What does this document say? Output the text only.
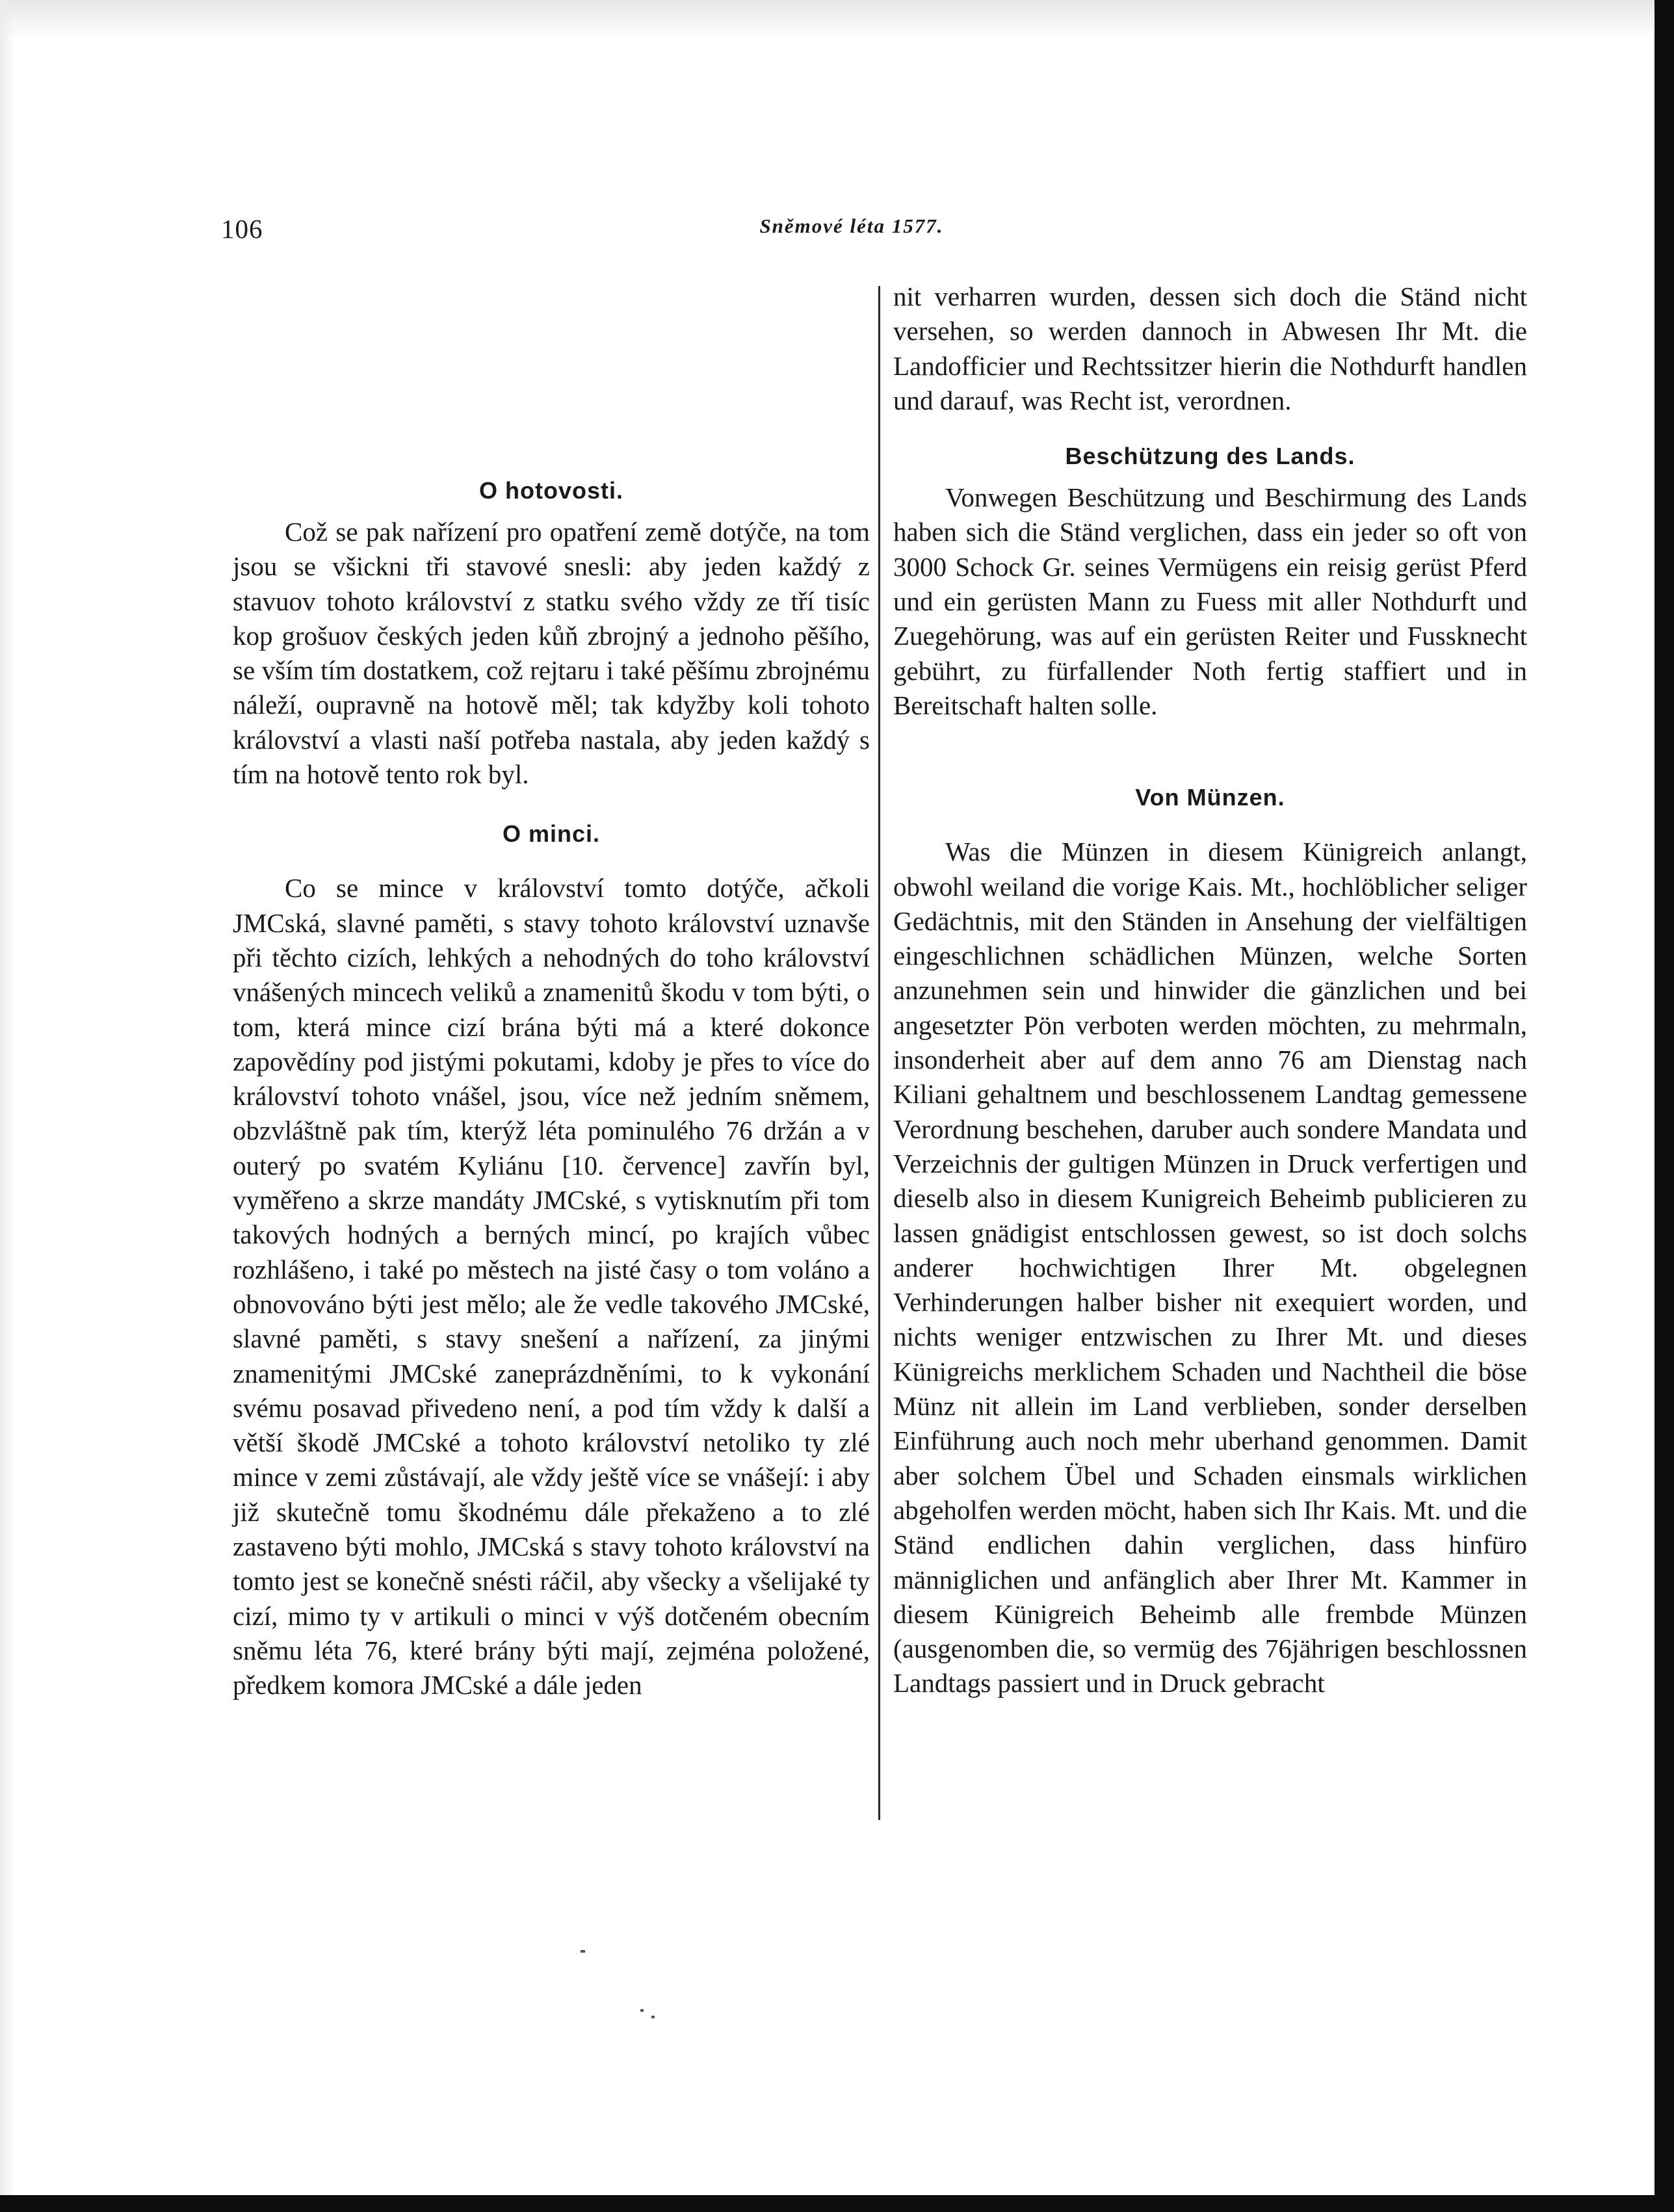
106	Sněmové léta 1577.
O hotovosti.

Což se pak nařízení pro opatření země dotýče, na tom jsou se všickni tři stavové snesli: aby jeden každý z stavuov tohoto království z statku svého vždy ze tří tisíc kop grošuov českých jeden kůň zbrojný a jednoho pěšího, se vším tím dostatkem, což rejtaru i také pěšímu zbrojnému náleží, oupravně na hotově měl; tak kdyžby koli tohoto království a vlasti naší potřeba nastala, aby jeden každý s tím na hotově tento rok byl.

O minci.

Co se mince v království tomto dotýče, ačkoli JMCská, slavné paměti, s stavy tohoto království uznavše při těchto cizích, lehkých a nehodných do toho království vnášených mincech veliků a znamenitů škodu v tom býti, o tom, která mince cizí brána býti má a které dokonce zapovědíny pod jistými pokutami, kdoby je přes to více do království tohoto vnášel, jsou, více než jedním sněmem, obzvláštně pak tím, kterýž léta pominulého 76 držán a v outerý po svatém Kyliánu [10. července] zavřín byl, vyměřeno a skrze mandáty JMCské, s vytisknutím při tom takových hodných a berných mincí, po krajích vůbec rozhlášeno, i také po městech na jisté časy o tom voláno a obnovováno býti jest mělo; ale že vedle takového JMCské, slavné paměti, s stavy snešení a nařízení, za jinými znamenitými JMCské zaneprázdněními, to k vykonání svému posavad přivedeno není, a pod tím vždy k další a větší škodě JMCské a tohoto království netoliko ty zlé mince v zemi zůstávají, ale vždy ještě více se vnášejí: i aby již skutečně tomu škodnému dále překaženo a to zlé zastaveno býti mohlo, JMCská s stavy tohoto království na tomto jest se konečně snésti ráčil, aby všecky a všelijaké ty cizí, mimo ty v artikuli o minci v výš dotčeném obecním sněmu léta 76, které brány býti mají, zejména položené, předkem komora JMCské a dále jeden

nit verharren wurden, dessen sich doch die Ständ nicht versehen, so werden dannoch in Abwesen Ihr Mt. die Landofficier und Rechtssitzer hierin die Nothdurft handlen und darauf, was Recht ist, verordnen.

Beschützung des Lands.

Vonwegen Beschützung und Beschirmung des Lands haben sich die Ständ verglichen, dass ein jeder so oft von 3000 Schock Gr. seines Vermügens ein reisig gerüst Pferd und ein gerüsten Mann zu Fuess mit aller Nothdurft und Zuegehörung, was auf ein gerüsten Reiter und Fussknecht gebührt, zu fürfallender Noth fertig staffiert und in Bereitschaft halten solle.

Von Münzen.

Was die Münzen in diesem Künigreich anlangt, obwohl weiland die vorige Kais. Mt., hochlöblicher seliger Gedächtnis, mit den Ständen in Ansehung der vielfältigen eingeschlichnen schädlichen Münzen, welche Sorten anzunehmen sein und hinwider die gänzlichen und bei angesetzter Pön verboten werden möchten, zu mehrmaln, insonderheit aber auf dem anno 76 am Dienstag nach Kiliani gehaltnem und beschlossenem Landtag gemessene Verordnung beschehen, daruber auch sondere Mandata und Verzeichnis der gultigen Münzen in Druck verfertigen und dieselb also in diesem Kunigreich Beheimb publicieren zu lassen gnädigist entschlossen gewest, so ist doch solchs anderer hochwichtigen Ihrer Mt. obgelegnen Verhinderungen halber bisher nit exequiert worden, und nichts weniger entzwischen zu Ihrer Mt. und dieses Künigreichs merklichem Schaden und Nachtheil die böse Münz nit allein im Land verblieben, sonder derselben Einführung auch noch mehr uberhand genommen. Damit aber solchem Übel und Schaden einsmals wirklichen abgeholfen werden möcht, haben sich Ihr Kais. Mt. und die Ständ endlichen dahin verglichen, dass hinfüro männiglichen und anfänglich aber Ihrer Mt. Kammer in diesem Künigreich Beheimb alle frembde Münzen (ausgenomben die, so vermüg des 76jährigen beschlossnen Landtags passiert und in Druck gebracht
